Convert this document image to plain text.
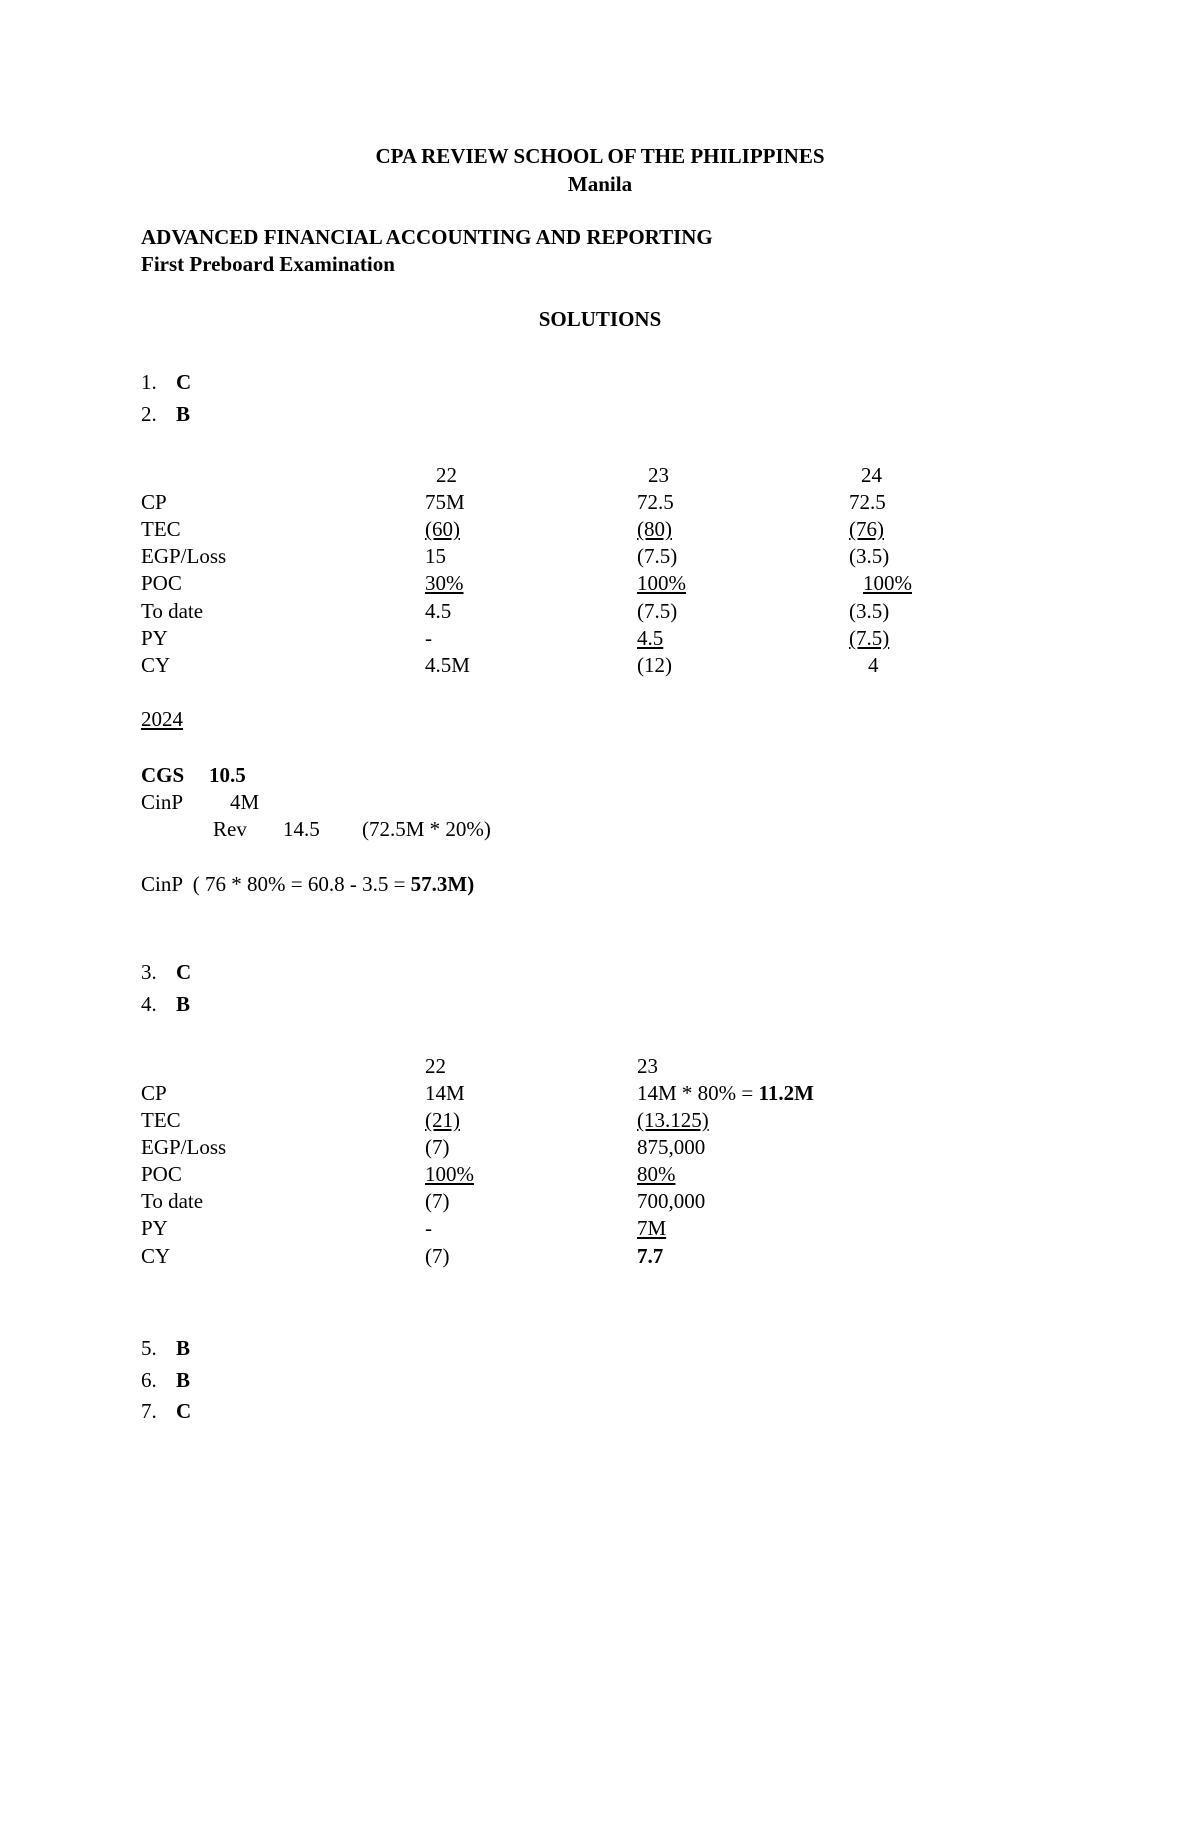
CPA REVIEW SCHOOL OF THE PHILIPPINES
Manila
ADVANCED FINANCIAL ACCOUNTING AND REPORTING
First Preboard Examination
SOLUTIONS
1. C
2. B
22	23	24
CP	75M	72.5	72.5
TEC	(60)	(80)	(76)
EGP/Loss	15	(7.5)	(3.5)
POC	30%	100%	100%
To date	4.5	(7.5)	(3.5)
PY	-	4.5	(7.5)
CY	4.5M	(12)	4
2024
CGS 10.5
CinP 4M
Rev 14.5 (72.5M * 20%)
CinP  ( 76 * 80% = 60.8 - 3.5 = 57.3M)
3. C
4. B
22	23
CP	14M	14M * 80% = 11.2M
TEC	(21)	(13.125)
EGP/Loss	(7)	875,000
POC	100%	80%
To date	(7)	700,000
PY	-	7M
CY	(7)	7.7
5. B
6. B
7. C
